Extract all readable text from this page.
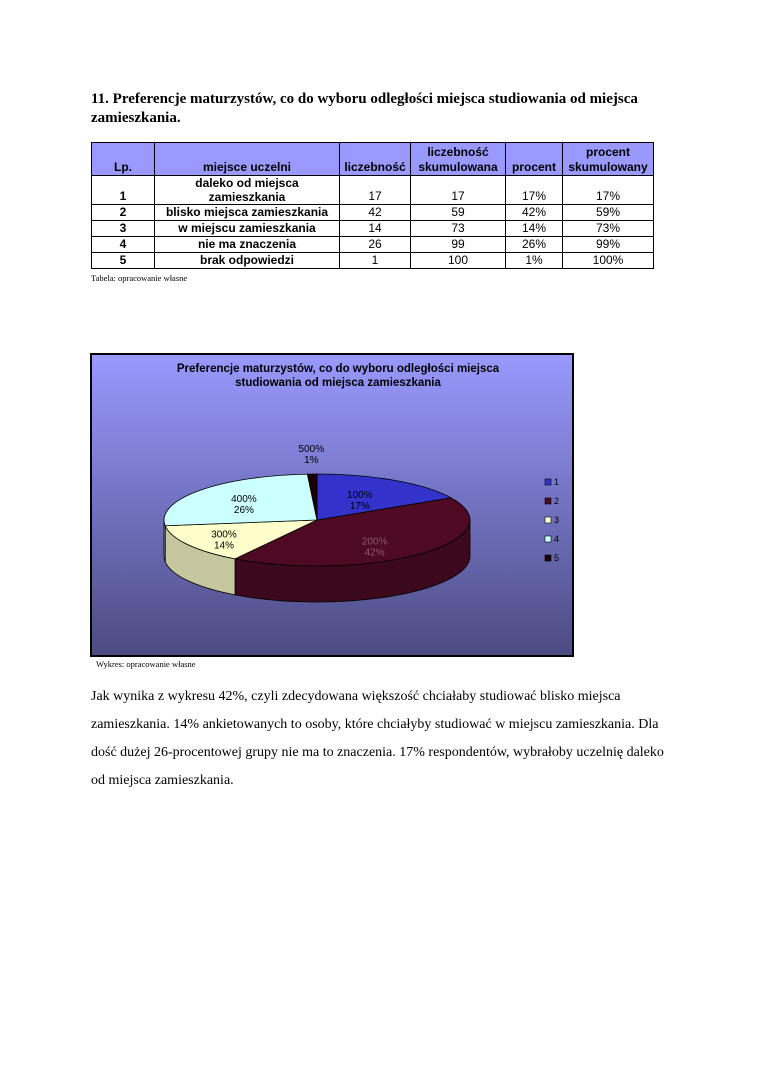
11. Preferencje maturzystów, co do wyboru odległości miejsca studiowania od miejsca zamieszkania.
Lp.	miejsce uczelni	liczebność	liczebność skumulowana	procent	procent skumulowany
1	daleko od miejsca zamieszkania	17	17	17%	17%
2	blisko miejsca zamieszkania	42	59	42%	59%
3	w miejscu zamieszkania	14	73	14%	73%
4	nie ma znaczenia	26	99	26%	99%
5	brak odpowiedzi	1	100	1%	100%
Tabela: opracowanie własne
Preferencje maturzystów, co do wyboru odległości miejsca studiowania od miejsca zamieszkania
100% 17%
200% 42%
300% 14%
400% 26%
500% 1%
1
2
3
4
5
Wykres: opracowanie własne

Jak wynika z wykresu 42%, czyli zdecydowana większość chciałaby studiować blisko miejsca zamieszkania. 14% ankietowanych to osoby, które chciałyby studiować w miejscu zamieszkania. Dla dość dużej 26-procentowej grupy nie ma to znaczenia. 17% respondentów, wybrałoby uczelnię daleko od miejsca zamieszkania.
